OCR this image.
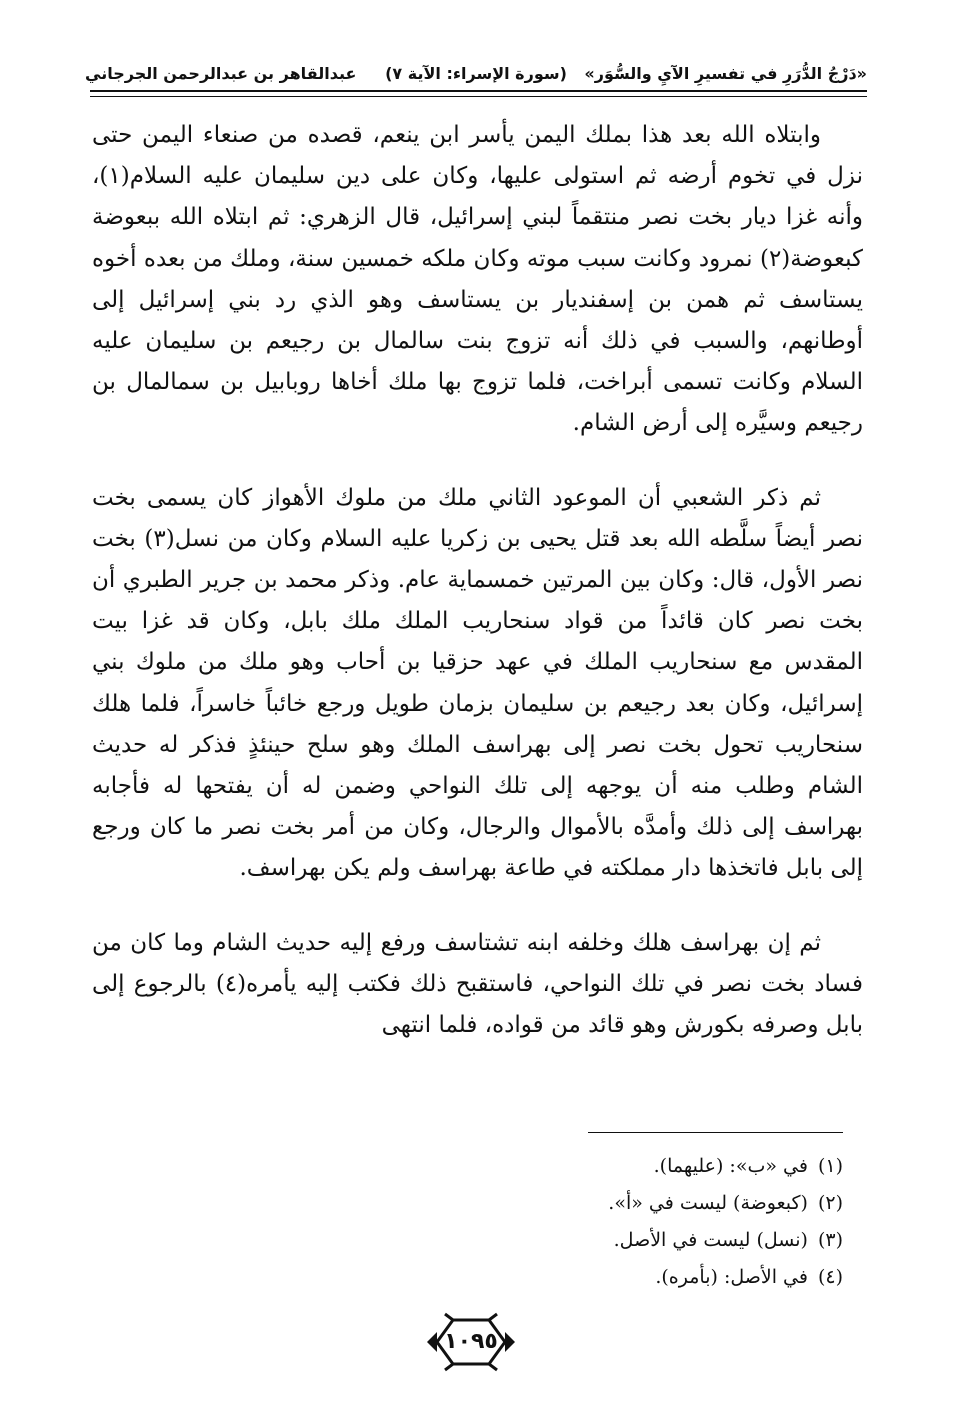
«دَرْجُ الدُّرَرِ في تفسيرِ الآيِ والسُّوَر»
(سورة الإسراء: الآية ٧)
عبدالقاهر بن عبدالرحمن الجرجاني

وابتلاه الله بعد هذا بملك اليمن يأسر ابن ينعم، قصده من صنعاء اليمن حتى نزل في تخوم أرضه ثم استولى عليها، وكان على دين سليمان عليه السلام(١)، وأنه غزا ديار بخت نصر منتقماً لبني إسرائيل، قال الزهري: ثم ابتلاه الله ببعوضة كبعوضة(٢) نمرود وكانت سبب موته وكان ملكه خمسين سنة، وملك من بعده أخوه يستاسف ثم همن بن إسفنديار بن يستاسف وهو الذي رد بني إسرائيل إلى أوطانهم، والسبب في ذلك أنه تزوج بنت سالمال بن رجيعم بن سليمان عليه السلام وكانت تسمى أبراخت، فلما تزوج بها ملك أخاها روبابيل بن سمالمال بن رجيعم وسيَّره إلى أرض الشام.

ثم ذكر الشعبي أن الموعود الثاني ملك من ملوك الأهواز كان يسمى بخت نصر أيضاً سلَّطه الله بعد قتل يحيى بن زكريا عليه السلام وكان من نسل(٣) بخت نصر الأول، قال: وكان بين المرتين خمسماية عام. وذكر محمد بن جرير الطبري أن بخت نصر كان قائداً من قواد سنحاريب الملك ملك بابل، وكان قد غزا بيت المقدس مع سنحاريب الملك في عهد حزقيا بن أحاب وهو ملك من ملوك بني إسرائيل، وكان بعد رجيعم بن سليمان بزمان طويل ورجع خائباً خاسراً، فلما هلك سنحاريب تحول بخت نصر إلى بهراسف الملك وهو سلح حينئذٍ فذكر له حديث الشام وطلب منه أن يوجهه إلى تلك النواحي وضمن له أن يفتحها له فأجابه بهراسف إلى ذلك وأمدَّه بالأموال والرجال، وكان من أمر بخت نصر ما كان ورجع إلى بابل فاتخذها دار مملكته في طاعة بهراسف ولم يكن بهراسف.

ثم إن بهراسف هلك وخلفه ابنه تشتاسف ورفع إليه حديث الشام وما كان من فساد بخت نصر في تلك النواحي، فاستقبح ذلك فكتب إليه يأمره(٤) بالرجوع إلى بابل وصرفه بكورش وهو قائد من قواده، فلما انتهى

(١)في «ب»: (عليهما).
(٢)(كبعوضة) ليست في «أ».
(٣)(نسل) ليست في الأصل.
(٤)في الأصل: (بأمره).
١٠٩٥
